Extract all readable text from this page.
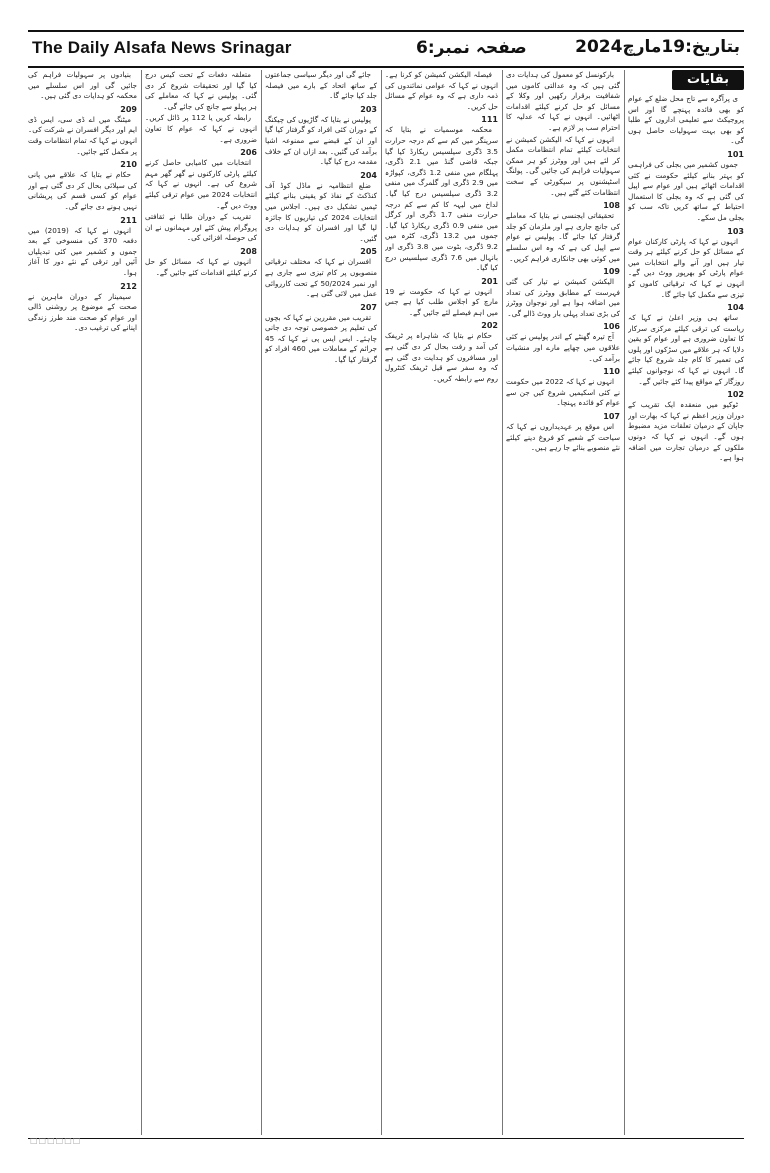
The Daily Alsafa News Srinagar	صفحہ نمبر:6	بتاریخ:19مارچ2024
بقایات

ی پرآگرہ سے تاج محل ضلع کے عوام کو بھی فائدہ پہنچے گا اور اس پروجیکٹ سے تعلیمی اداروں کے طلبا کو بھی بہت سہولیات حاصل ہوں گی۔

101

جموں کشمیر میں بجلی کی فراہمی کو بہتر بنانے کیلئے حکومت نے کئی اقدامات اٹھائے ہیں اور عوام سے اپیل کی گئی ہے کہ وہ بجلی کا استعمال احتیاط کے ساتھ کریں تاکہ سب کو بجلی مل سکے۔

103

انہوں نے کہا کہ پارٹی کارکنان عوام کے مسائل کو حل کرنے کیلئے ہر وقت تیار ہیں اور آنے والے انتخابات میں عوام پارٹی کو بھرپور ووٹ دیں گے۔ انہوں نے کہا کہ ترقیاتی کاموں کو تیزی سے مکمل کیا جائے گا۔

104

ساتھ ہی وزیر اعلیٰ نے کہا کہ ریاست کی ترقی کیلئے مرکزی سرکار کا تعاون ضروری ہے اور عوام کو یقین دلایا کہ ہر علاقے میں سڑکوں اور پلوں کی تعمیر کا کام جلد شروع کیا جائے گا۔ انہوں نے کہا کہ نوجوانوں کیلئے روزگار کے مواقع پیدا کئے جائیں گے۔

102

ٹوکیو میں منعقدہ ایک تقریب کے دوران وزیر اعظم نے کہا کہ بھارت اور جاپان کے درمیان تعلقات مزید مضبوط ہوں گے۔ انہوں نے کہا کہ دونوں ملکوں کے درمیان تجارت میں اضافہ ہوا ہے۔

بارکونسل کو معمول کی ہدایات دی گئی ہیں کہ وہ عدالتی کاموں میں شفافیت برقرار رکھیں اور وکلا کے مسائل کو حل کرنے کیلئے اقدامات اٹھائیں۔ انہوں نے کہا کہ عدلیہ کا احترام سب پر لازم ہے۔

انہوں نے کہا کہ الیکشن کمیشن نے انتخابات کیلئے تمام انتظامات مکمل کر لئے ہیں اور ووٹرز کو ہر ممکن سہولیات فراہم کی جائیں گی۔ پولنگ اسٹیشنوں پر سیکورٹی کے سخت انتظامات کئے گئے ہیں۔

108

تحقیقاتی ایجنسی نے بتایا کہ معاملے کی جانچ جاری ہے اور ملزمان کو جلد گرفتار کیا جائے گا۔ پولیس نے عوام سے اپیل کی ہے کہ وہ اس سلسلے میں کوئی بھی جانکاری فراہم کریں۔

109

الیکشن کمیشن نے تیار کی گئی فہرست کے مطابق ووٹرز کی تعداد میں اضافہ ہوا ہے اور نوجوان ووٹرز کی بڑی تعداد پہلی بار ووٹ ڈالے گی۔

106

آج تیرہ گھنٹے کے اندر پولیس نے کئی علاقوں میں چھاپے مارے اور منشیات برآمد کی۔

110

انہوں نے کہا کہ 2022 میں حکومت نے کئی اسکیمیں شروع کیں جن سے عوام کو فائدہ پہنچا۔

107

اس موقع پر عہدیداروں نے کہا کہ سیاحت کے شعبے کو فروغ دینے کیلئے نئے منصوبے بنائے جا رہے ہیں۔

فیصلہ الیکشن کمیشن کو کرنا ہے۔ انہوں نے کہا کہ عوامی نمائندوں کی ذمہ داری ہے کہ وہ عوام کے مسائل حل کریں۔

111

محکمہ موسمیات نے بتایا کہ سرینگر میں کم سے کم درجہ حرارت 3.5 ڈگری سیلسیس ریکارڈ کیا گیا جبکہ قاضی گنڈ میں 2.1 ڈگری، پہلگام میں منفی 1.2 ڈگری، کپواڑہ میں 2.9 ڈگری اور گلمرگ میں منفی 3.2 ڈگری سیلسیس درج کیا گیا۔ لداخ میں لیہہ کا کم سے کم درجہ حرارت منفی 1.7 ڈگری اور کرگل میں منفی 0.9 ڈگری ریکارڈ کیا گیا۔ جموں میں 13.2 ڈگری، کٹرہ میں 9.2 ڈگری، بٹوت میں 3.8 ڈگری اور بانہال میں 7.6 ڈگری سیلسیس درج کیا گیا۔

201

انہوں نے کہا کہ حکومت نے 19 مارچ کو اجلاس طلب کیا ہے جس میں اہم فیصلے لئے جائیں گے۔

202

حکام نے بتایا کہ شاہراہ پر ٹریفک کی آمد و رفت بحال کر دی گئی ہے اور مسافروں کو ہدایت دی گئی ہے کہ وہ سفر سے قبل ٹریفک کنٹرول روم سے رابطہ کریں۔

جائے گی اور دیگر سیاسی جماعتوں کے ساتھ اتحاد کے بارے میں فیصلہ جلد کیا جائے گا۔

203

پولیس نے بتایا کہ گاڑیوں کی چیکنگ کے دوران کئی افراد کو گرفتار کیا گیا اور ان کے قبضے سے ممنوعہ اشیا برآمد کی گئیں۔ بعد ازاں ان کے خلاف مقدمہ درج کیا گیا۔

204

ضلع انتظامیہ نے ماڈل کوڈ آف کنڈکٹ کے نفاذ کو یقینی بنانے کیلئے ٹیمیں تشکیل دی ہیں۔ اجلاس میں انتخابات 2024 کی تیاریوں کا جائزہ لیا گیا اور افسران کو ہدایات دی گئیں۔

205

افسران نے کہا کہ مختلف ترقیاتی منصوبوں پر کام تیزی سے جاری ہے اور نمبر 50/2024 کے تحت کارروائی عمل میں لائی گئی ہے۔

207

تقریب میں مقررین نے کہا کہ بچوں کی تعلیم پر خصوصی توجہ دی جانی چاہئے۔ ایس ایس پی نے کہا کہ 45 جرائم کے معاملات میں 460 افراد کو گرفتار کیا گیا۔

متعلقہ دفعات کے تحت کیس درج کیا گیا اور تحقیقات شروع کر دی گئی۔ پولیس نے کہا کہ معاملے کی ہر پہلو سے جانچ کی جائے گی۔

رابطہ کریں یا 112 پر ڈائل کریں۔ انہوں نے کہا کہ عوام کا تعاون ضروری ہے۔

206

انتخابات میں کامیابی حاصل کرنے کیلئے پارٹی کارکنوں نے گھر گھر مہم شروع کی ہے۔ انہوں نے کہا کہ انتخابات 2024 میں عوام ترقی کیلئے ووٹ دیں گے۔

تقریب کے دوران طلبا نے ثقافتی پروگرام پیش کئے اور مہمانوں نے ان کی حوصلہ افزائی کی۔

208

انہوں نے کہا کہ مسائل کو حل کرنے کیلئے اقدامات کئے جائیں گے۔

بنیادوں پر سہولیات فراہم کی جائیں گی اور اس سلسلے میں محکمہ کو ہدایات دی گئی ہیں۔

209

میٹنگ میں اے ڈی سی، ایس ڈی ایم اور دیگر افسران نے شرکت کی۔ انہوں نے کہا کہ تمام انتظامات وقت پر مکمل کئے جائیں۔

210

حکام نے بتایا کہ علاقے میں پانی کی سپلائی بحال کر دی گئی ہے اور عوام کو کسی قسم کی پریشانی نہیں ہونے دی جائے گی۔

211

انہوں نے کہا کہ (2019) میں دفعہ 370 کی منسوخی کے بعد جموں و کشمیر میں کئی تبدیلیاں آئیں اور ترقی کے نئے دور کا آغاز ہوا۔

212

سیمینار کے دوران ماہرین نے صحت کے موضوع پر روشنی ڈالی اور عوام کو صحت مند طرز زندگی اپنانے کی ترغیب دی۔

□□□□□□
